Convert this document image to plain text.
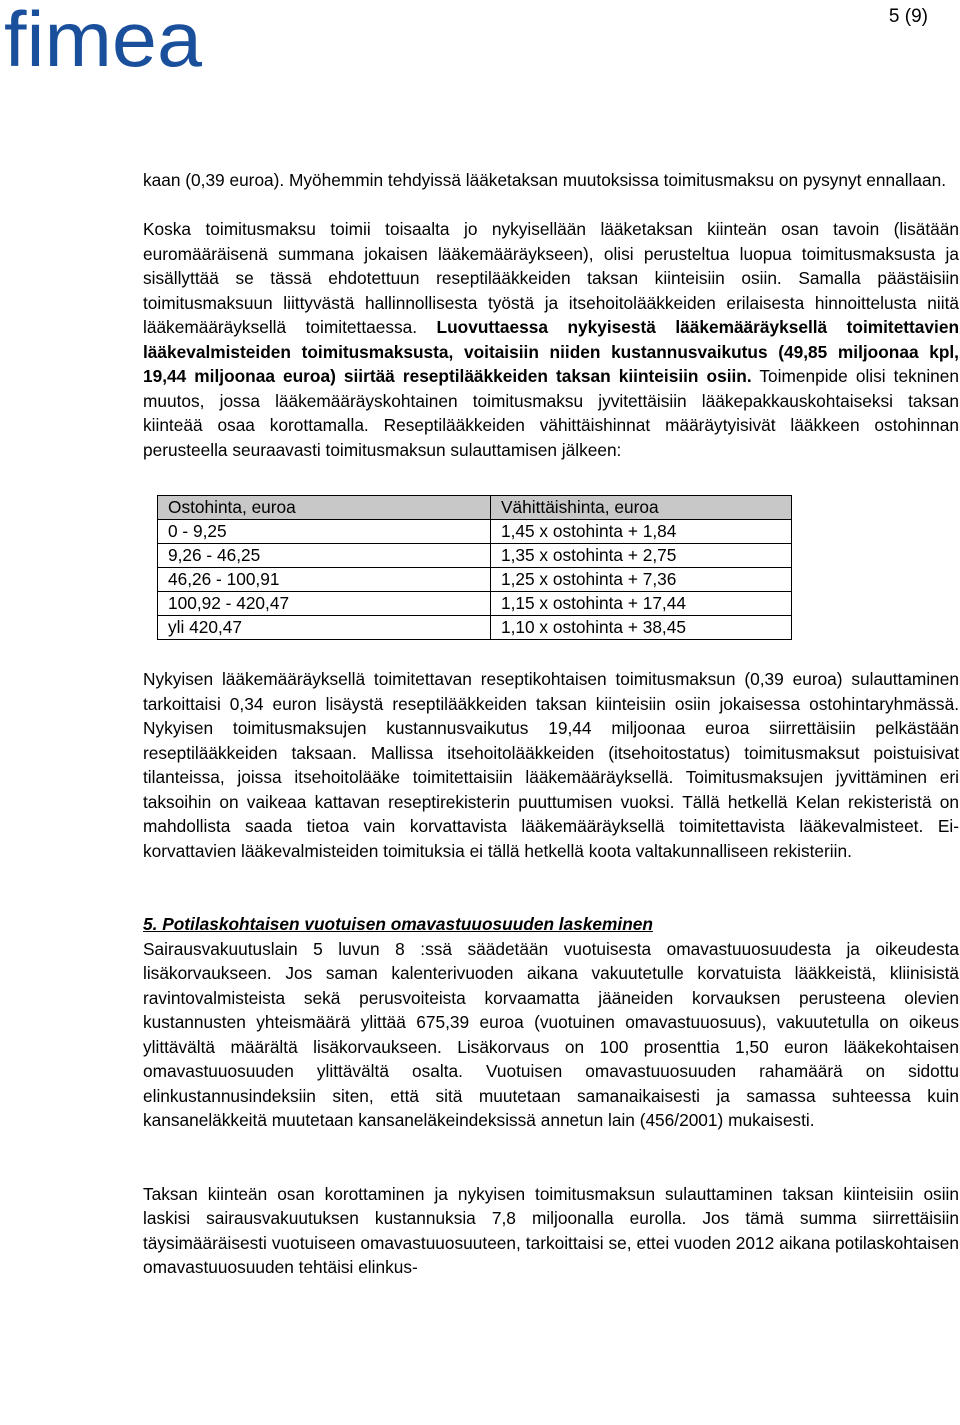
fimea	5 (9)

kaan (0,39 euroa). Myöhemmin tehdyissä lääketaksan muutoksissa toimitusmaksu on pysynyt ennallaan.

Koska toimitusmaksu toimii toisaalta jo nykyisellään lääketaksan kiinteän osan tavoin (lisätään euromääräisenä summana jokaisen lääkemääräykseen), olisi perusteltua luopua toimitusmaksusta ja sisällyttää se tässä ehdotettuun reseptilääkkeiden taksan kiinteisiin osiin. Samalla päästäisiin toimitusmaksuun liittyvästä hallinnollisesta työstä ja itsehoitolääkkeiden erilaisesta hinnoittelusta niitä lääkemääräyksellä toimitettaessa. Luovuttaessa nykyisestä lääkemääräyksellä toimitettavien lääkevalmisteiden toimitusmaksusta, voitaisiin niiden kustannusvaikutus (49,85 miljoonaa kpl, 19,44 miljoonaa euroa) siirtää reseptilääkkeiden taksan kiinteisiin osiin. Toimenpide olisi tekninen muutos, jossa lääkemääräyskohtainen toimitusmaksu jyvitettäisiin lääkepakkauskohtaiseksi taksan kiinteää osaa korottamalla. Reseptilääkkeiden vähittäishinnat määräytyisivät lääkkeen ostohinnan perusteella seuraavasti toimitusmaksun sulauttamisen jälkeen:

Ostohinta, euroa	Vähittäishinta, euroa
0 - 9,25	1,45 x ostohinta + 1,84
9,26 - 46,25	1,35 x ostohinta + 2,75
46,26 - 100,91	1,25 x ostohinta + 7,36
100,92 - 420,47	1,15 x ostohinta + 17,44
yli 420,47	1,10 x ostohinta + 38,45

Nykyisen lääkemääräyksellä toimitettavan reseptikohtaisen toimitusmaksun (0,39 euroa) sulauttaminen tarkoittaisi 0,34 euron lisäystä reseptilääkkeiden taksan kiinteisiin osiin jokaisessa ostohintaryhmässä. Nykyisen toimitusmaksujen kustannusvaikutus 19,44 miljoonaa euroa siirrettäisiin pelkästään reseptilääkkeiden taksaan. Mallissa itsehoitolääkkeiden (itsehoitostatus) toimitusmaksut poistuisivat tilanteissa, joissa itsehoitolääke toimitettaisiin lääkemääräyksellä. Toimitusmaksujen jyvittäminen eri taksoihin on vaikeaa kattavan reseptirekisterin puuttumisen vuoksi. Tällä hetkellä Kelan rekisteristä on mahdollista saada tietoa vain korvattavista lääkemääräyksellä toimitettavista lääkevalmisteet. Ei-korvattavien lääkevalmisteiden toimituksia ei tällä hetkellä koota valtakunnalliseen rekisteriin.

5. Potilaskohtaisen vuotuisen omavastuuosuuden laskeminen

Sairausvakuutuslain 5 luvun 8 :ssä säädetään vuotuisesta omavastuuosuudesta ja oikeudesta lisäkorvaukseen. Jos saman kalenterivuoden aikana vakuutetulle korvatuista lääkkeistä, kliinisistä ravintovalmisteista sekä perusvoiteista korvaamatta jääneiden korvauksen perusteena olevien kustannusten yhteismäärä ylittää 675,39 euroa (vuotuinen omavastuuosuus), vakuutetulla on oikeus ylittävältä määrältä lisäkorvaukseen. Lisäkorvaus on 100 prosenttia 1,50 euron lääkekohtaisen omavastuuosuuden ylittävältä osalta. Vuotuisen omavastuuosuuden rahamäärä on sidottu elinkustannusindeksiin siten, että sitä muutetaan samanaikaisesti ja samassa suhteessa kuin kansaneläkkeitä muutetaan kansaneläkeindeksissä annetun lain (456/2001) mukaisesti.

Taksan kiinteän osan korottaminen ja nykyisen toimitusmaksun sulauttaminen taksan kiinteisiin osiin laskisi sairausvakuutuksen kustannuksia 7,8 miljoonalla eurolla. Jos tämä summa siirrettäisiin täysimääräisesti vuotuiseen omavastuuosuuteen, tarkoittaisi se, ettei vuoden 2012 aikana potilaskohtaisen omavastuuosuuden tehtäisi elinkus-
